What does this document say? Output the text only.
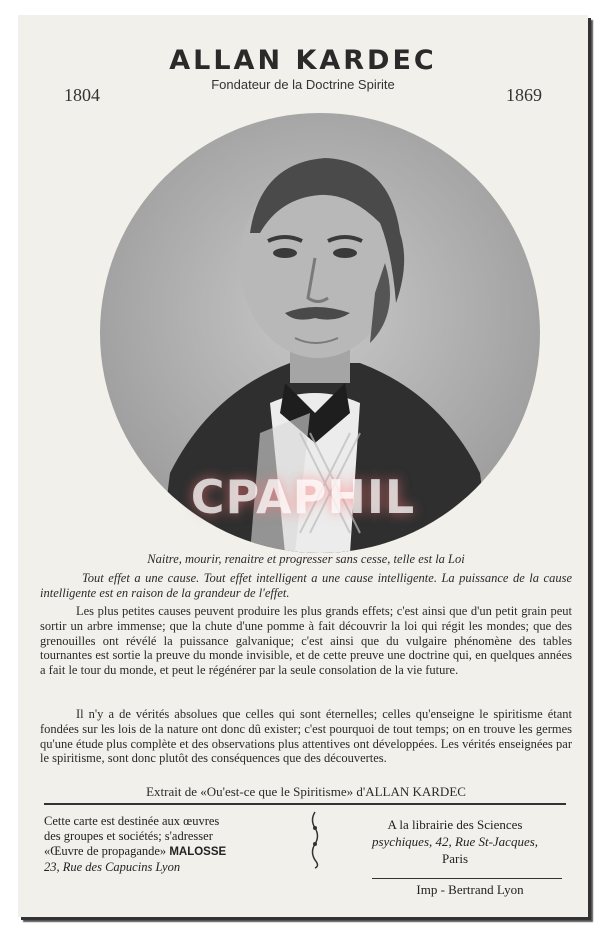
ALLAN KARDEC
Fondateur de la Doctrine Spirite
1804	1869
CPAPHIL
Naitre, mourir, renaitre et progresser sans cesse, telle est la Loi
Tout effet a une cause. Tout effet intelligent a une cause intelligente. La puissance de la cause intelligente est en raison de la grandeur de l'effet.
Les plus petites causes peuvent produire les plus grands effets; c'est ainsi que d'un petit grain peut sortir un arbre immense; que la chute d'une pomme à fait découvrir la loi qui régit les mondes; que des grenouilles ont révélé la puissance galvanique; c'est ainsi que du vulgaire phénomène des tables tournantes est sortie la preuve du monde invisible, et de cette preuve une doctrine qui, en quelques années a fait le tour du monde, et peut le régénérer par la seule consolation de la vie future.
Il n'y a de vérités absolues que celles qui sont éternelles; celles qu'enseigne le spiritisme étant fondées sur les lois de la nature ont donc dû exister; c'est pourquoi de tout temps; on en trouve les germes qu'une étude plus complète et des observations plus attentives ont développées. Les vérités enseignées par le spiritisme, sont donc plutôt des conséquences que des découvertes.
Extrait de «Ou'est-ce que le Spiritisme» d'ALLAN KARDEC
Cette carte est destinée aux œuvres
des groupes et sociétés; s'adresser
«Œuvre de propagande» MALOSSE
23, Rue des Capucins Lyon
A la librairie des Sciences
psychiques, 42, Rue St-Jacques,
Paris
Imp - Bertrand Lyon
